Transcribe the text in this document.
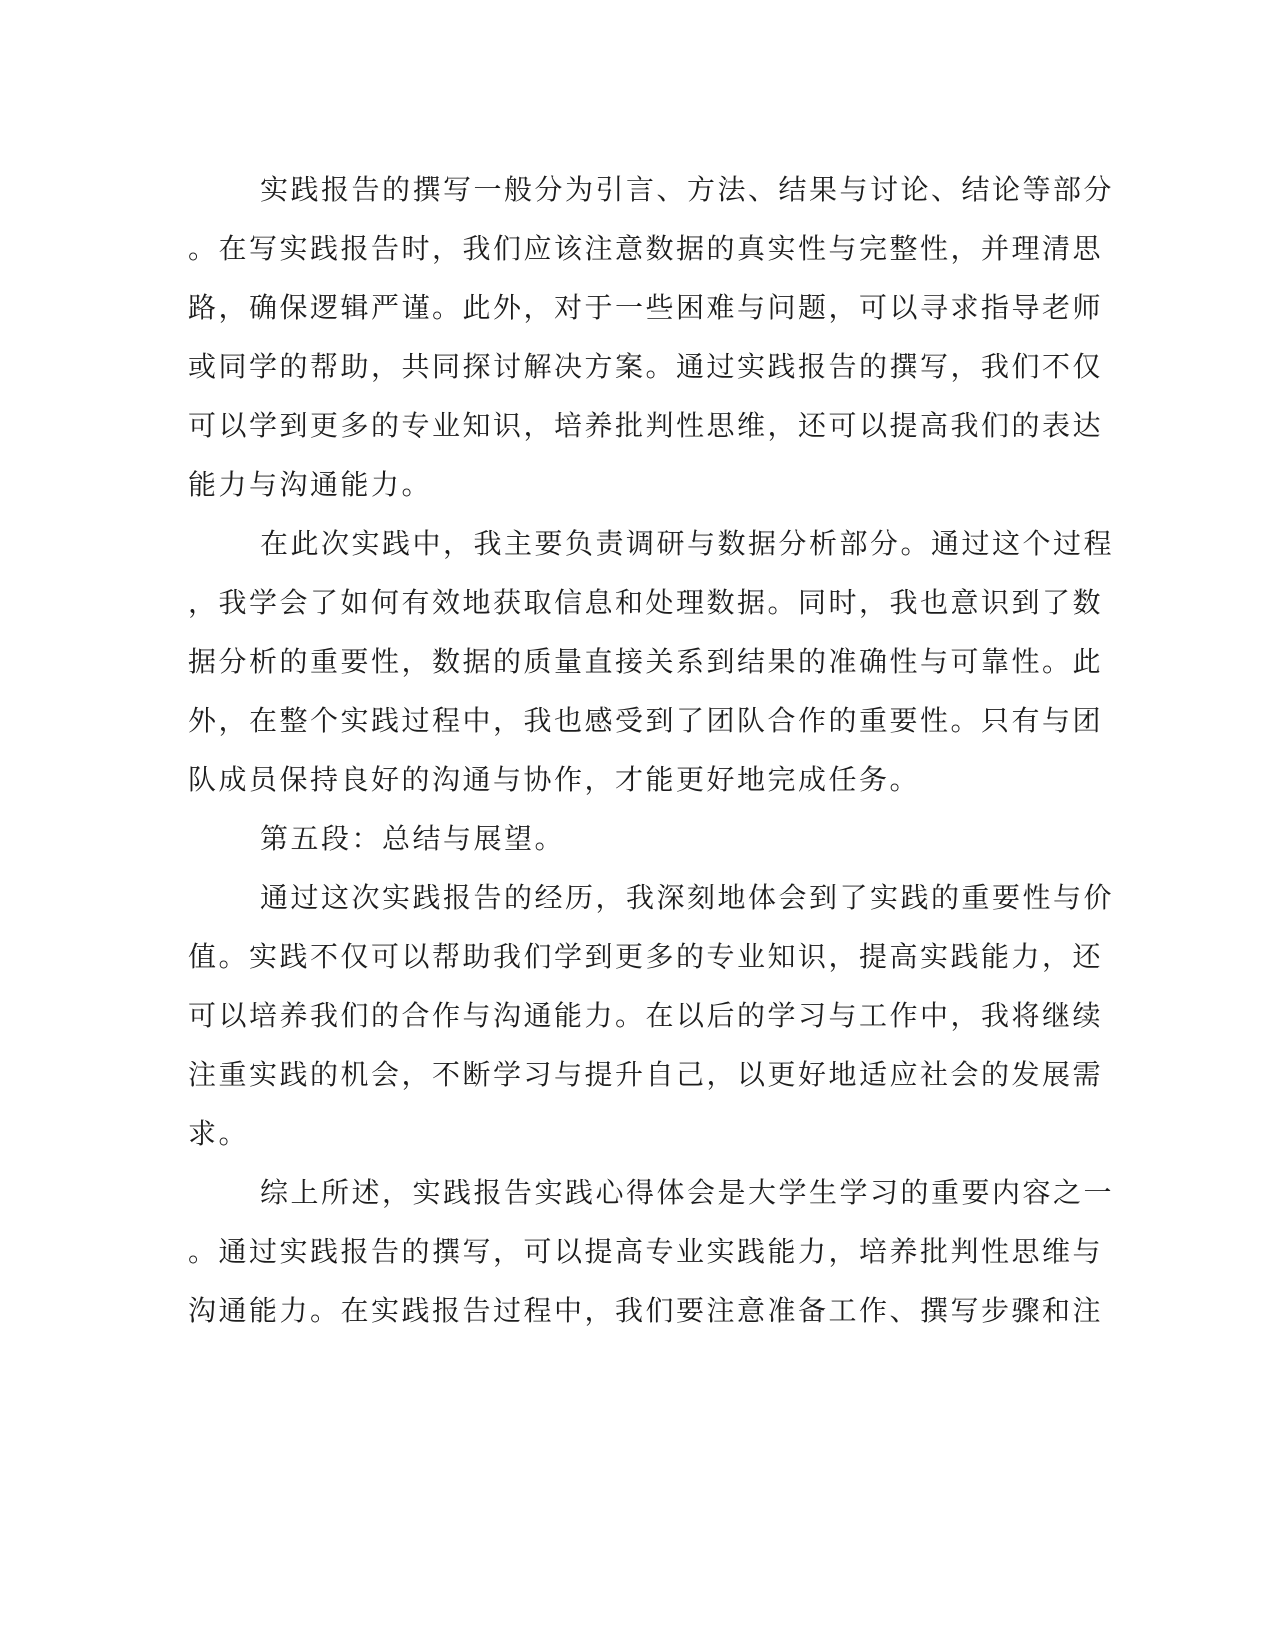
实践报告的撰写一般分为引言、方法、结果与讨论、结论等部分
。在写实践报告时，我们应该注意数据的真实性与完整性，并理清思
路，确保逻辑严谨。此外，对于一些困难与问题，可以寻求指导老师
或同学的帮助，共同探讨解决方案。通过实践报告的撰写，我们不仅
可以学到更多的专业知识，培养批判性思维，还可以提高我们的表达
能力与沟通能力。
在此次实践中，我主要负责调研与数据分析部分。通过这个过程
，我学会了如何有效地获取信息和处理数据。同时，我也意识到了数
据分析的重要性，数据的质量直接关系到结果的准确性与可靠性。此
外，在整个实践过程中，我也感受到了团队合作的重要性。只有与团
队成员保持良好的沟通与协作，才能更好地完成任务。
第五段：总结与展望。
通过这次实践报告的经历，我深刻地体会到了实践的重要性与价
值。实践不仅可以帮助我们学到更多的专业知识，提高实践能力，还
可以培养我们的合作与沟通能力。在以后的学习与工作中，我将继续
注重实践的机会，不断学习与提升自己，以更好地适应社会的发展需
求。
综上所述，实践报告实践心得体会是大学生学习的重要内容之一
。通过实践报告的撰写，可以提高专业实践能力，培养批判性思维与
沟通能力。在实践报告过程中，我们要注意准备工作、撰写步骤和注
